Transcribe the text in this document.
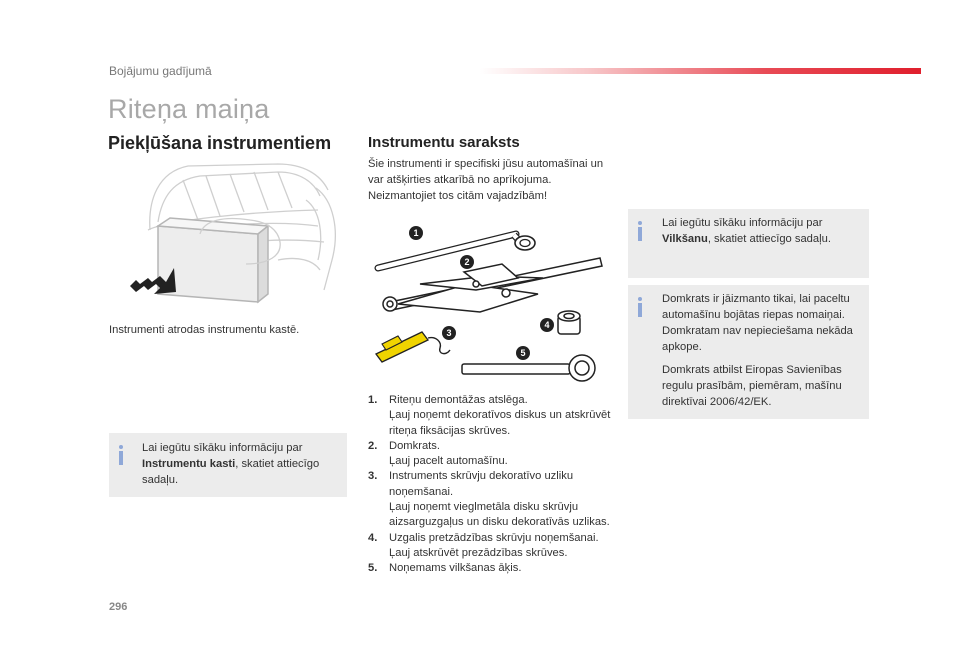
Bojājumu gadījumā
Riteņa maiņa
Piekļūšana instrumentiem
Instrumenti atrodas instrumentu kastē.
Lai iegūtu sīkāku informāciju par Instrumentu kasti, skatiet attiecīgo sadaļu.
Instrumentu saraksts
Šie instrumenti ir specifiski jūsu automašīnai un var atšķirties atkarībā no aprīkojuma. Neizmantojiet tos citām vajadzībām!
1
2
3
4
5
1. Riteņu demontāžas atslēga.
Ļauj noņemt dekoratīvos diskus un atskrūvēt riteņa fiksācijas skrūves.
2. Domkrats.
Ļauj pacelt automašīnu.
3. Instruments skrūvju dekoratīvo uzliku noņemšanai.
Ļauj noņemt vieglmetāla disku skrūvju aizsarguzgaļus un disku dekoratīvās uzlikas.
4. Uzgalis pretzādzības skrūvju noņemšanai.
Ļauj atskrūvēt prezādzības skrūves.
5. Noņemams vilkšanas āķis.
Lai iegūtu sīkāku informāciju par Vilkšanu, skatiet attiecīgo sadaļu.
Domkrats ir jāizmanto tikai, lai paceltu automašīnu bojātas riepas nomaiņai. Domkratam nav nepieciešama nekāda apkope.
Domkrats atbilst Eiropas Savienības regulu prasībām, piemēram, mašīnu direktīvai 2006/42/EK.
296
